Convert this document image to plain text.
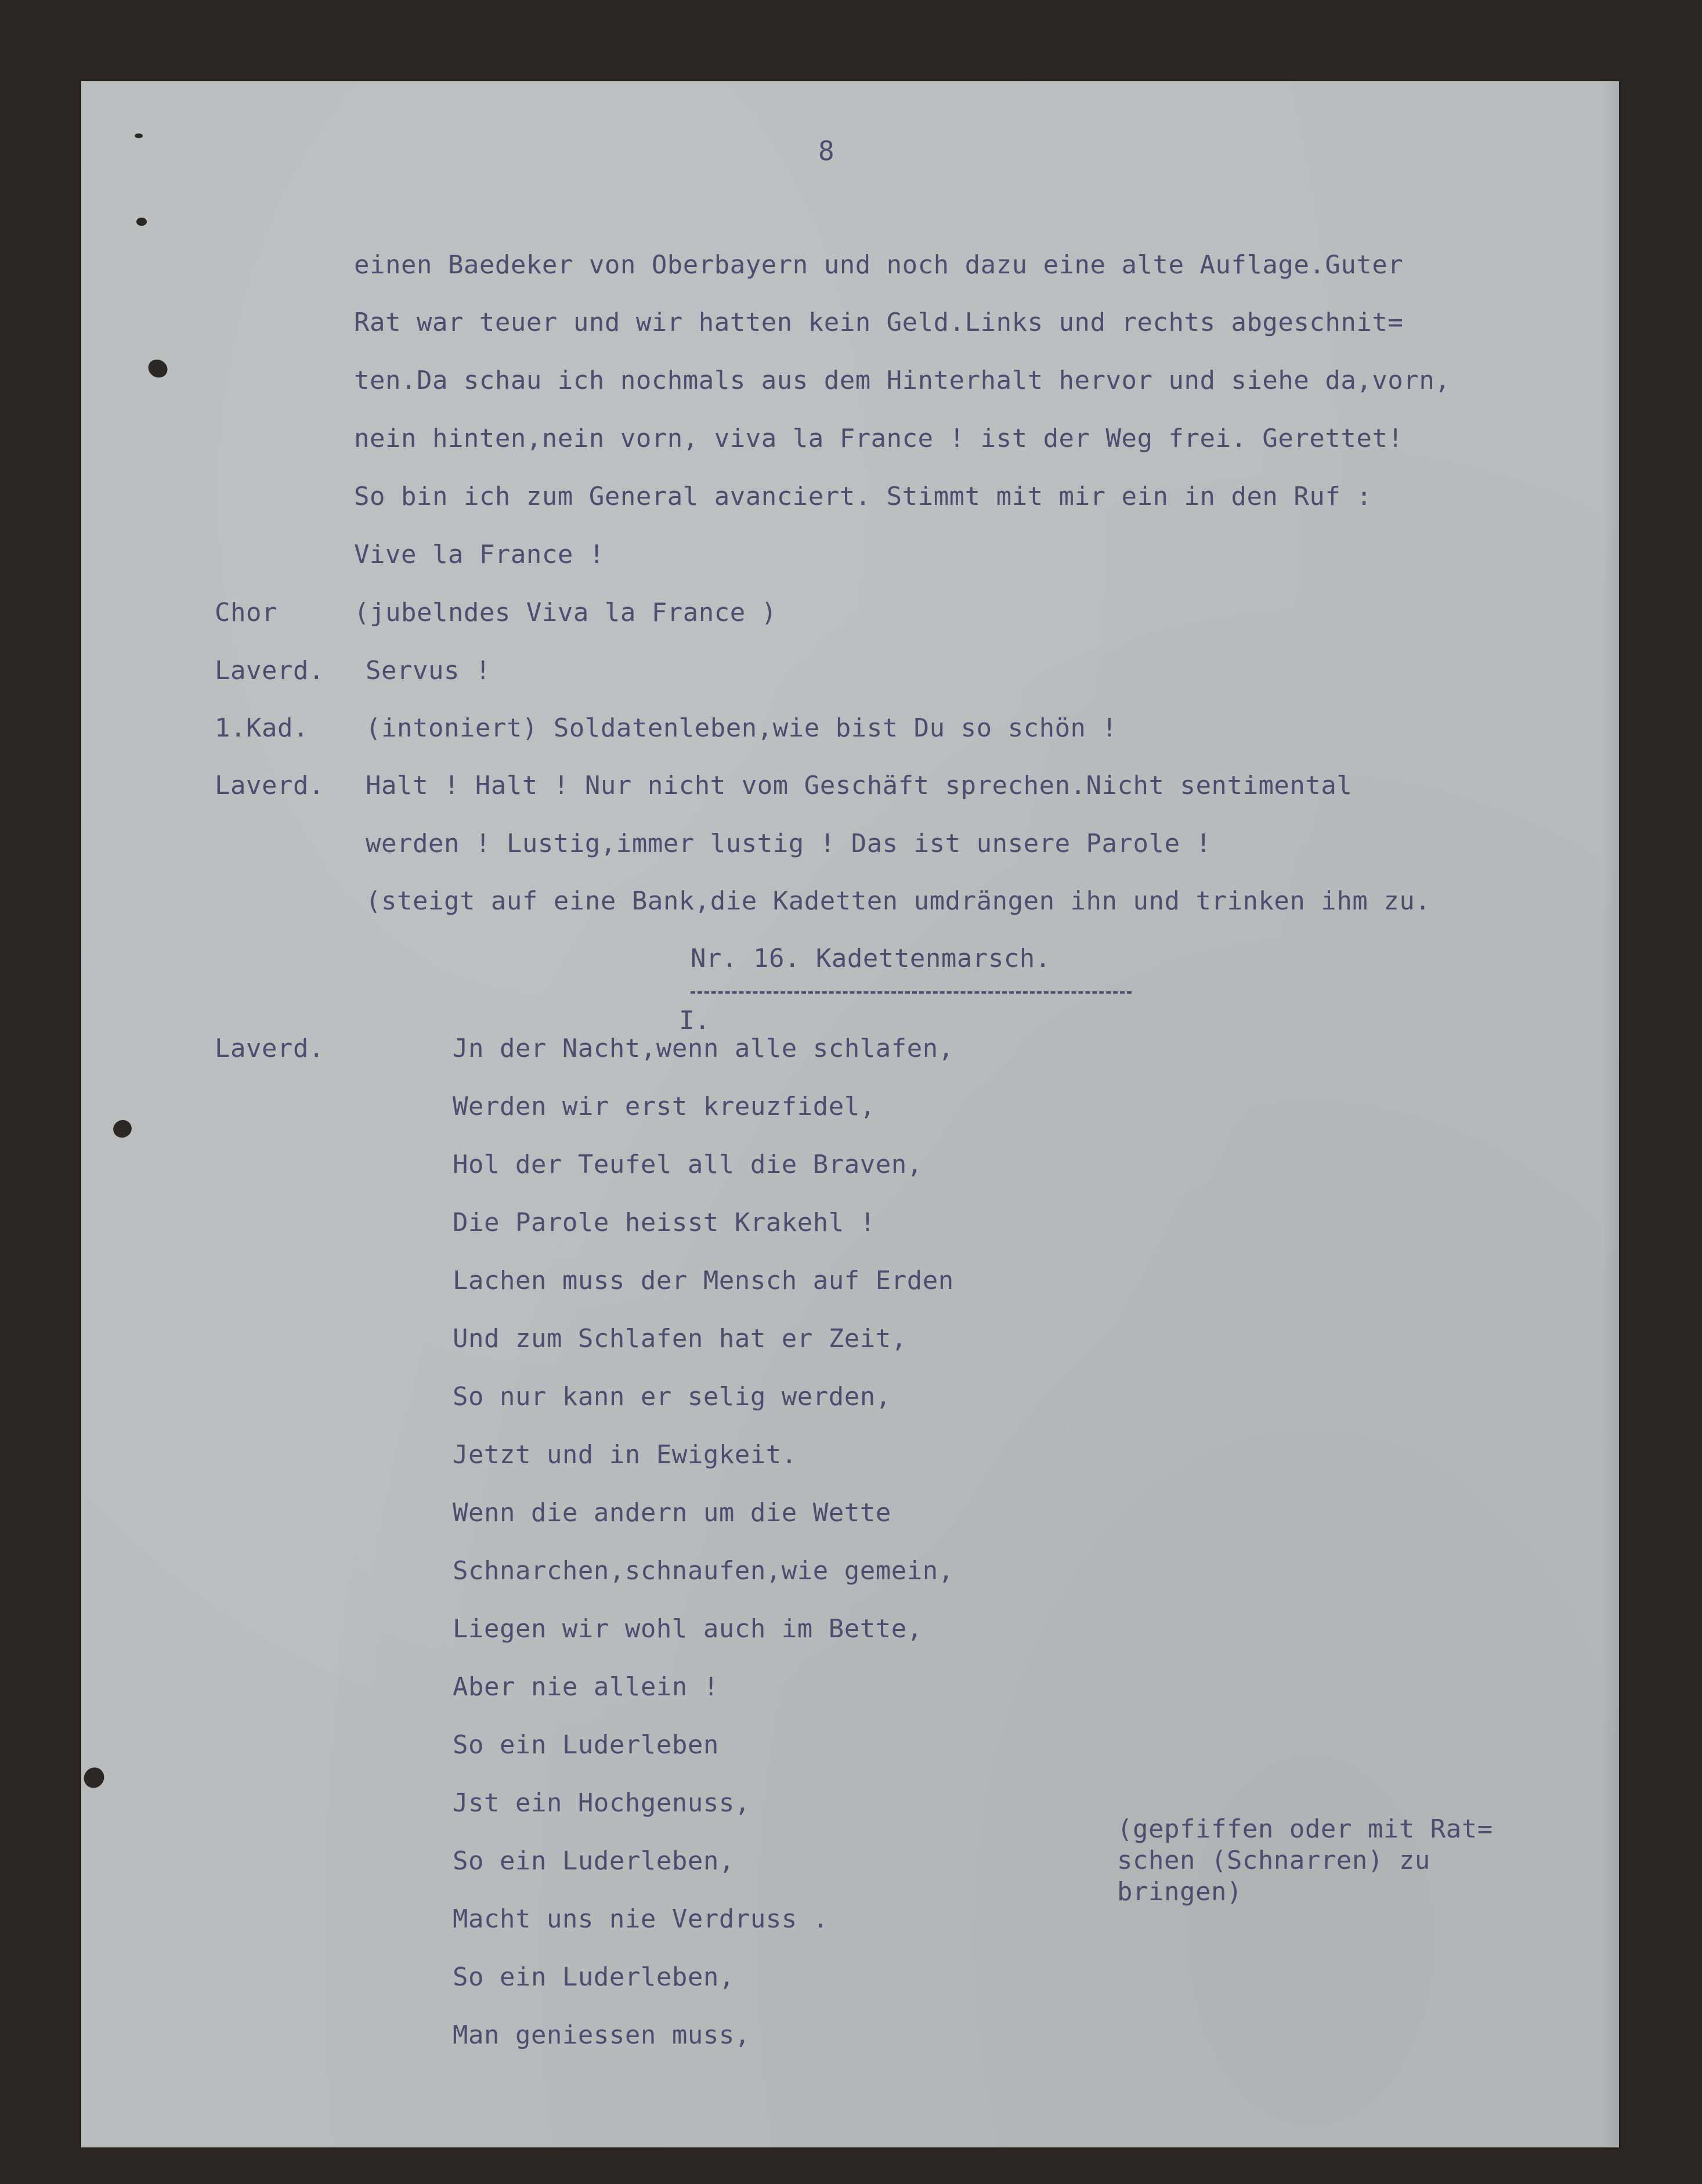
8
einen Baedeker von Oberbayern und noch dazu eine alte Auflage.Guter
Rat war teuer und wir hatten kein Geld.Links und rechts abgeschnit=
ten.Da schau ich nochmals aus dem Hinterhalt hervor und siehe da,vorn,
nein hinten,nein vorn, viva la France ! ist der Weg frei. Gerettet!
So bin ich zum General avanciert. Stimmt mit mir ein in den Ruf :
Vive la France !
Chor	(jubelndes Viva la France )
Laverd. Servus !
1.Kad. (intoniert) Soldatenleben,wie bist Du so schön !
Laverd. Halt ! Halt ! Nur nicht vom Geschäft sprechen.Nicht sentimental
werden ! Lustig,immer lustig ! Das ist unsere Parole !
(steigt auf eine Bank,die Kadetten umdrängen ihn und trinken ihm zu.
Nr. 16. Kadettenmarsch.
I.
Laverd.	Jn der Nacht,wenn alle schlafen,
Werden wir erst kreuzfidel,
Hol der Teufel all die Braven,
Die Parole heisst Krakehl !
Lachen muss der Mensch auf Erden
Und zum Schlafen hat er Zeit,
So nur kann er selig werden,
Jetzt und in Ewigkeit.
Wenn die andern um die Wette
Schnarchen,schnaufen,wie gemein,
Liegen wir wohl auch im Bette,
Aber nie allein !
So ein Luderleben
Jst ein Hochgenuss,
So ein Luderleben,
Macht uns nie Verdruss .
So ein Luderleben,
Man geniessen muss,
(gepfiffen oder mit Rat=
schen (Schnarren) zu
bringen)
